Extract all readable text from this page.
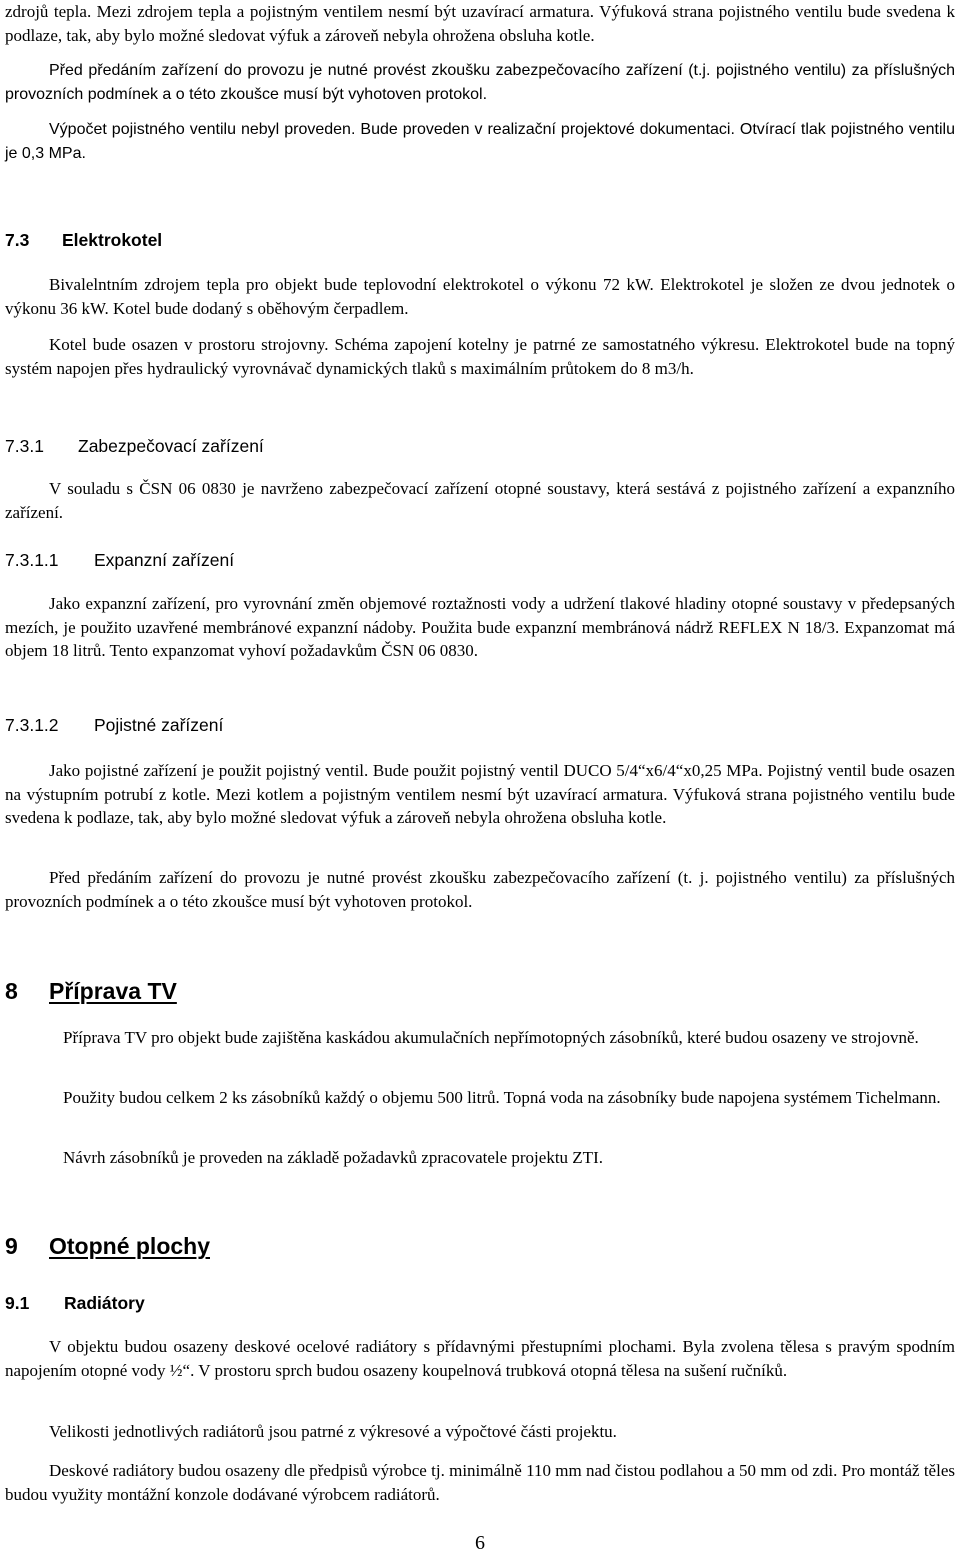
zdrojů tepla. Mezi zdrojem tepla a pojistným ventilem nesmí být uzavírací armatura. Výfuková strana pojistného ventilu bude svedena k podlaze, tak, aby bylo možné sledovat výfuk a zároveň nebyla ohrožena obsluha kotle.

Před předáním zařízení do provozu je nutné provést zkoušku zabezpečovacího zařízení (t.j. pojistného ventilu) za příslušných provozních podmínek a o této zkoušce musí být vyhotoven protokol.

Výpočet pojistného ventilu nebyl proveden. Bude proveden v realizační projektové dokumentaci. Otvírací tlak pojistného ventilu je 0,3 MPa.

7.3 Elektrokotel

Bivalelntním zdrojem tepla pro objekt bude teplovodní elektrokotel o výkonu 72 kW. Elektrokotel je složen ze dvou jednotek o výkonu 36 kW. Kotel bude dodaný s oběhovým čerpadlem.

Kotel bude osazen v prostoru strojovny. Schéma zapojení kotelny je patrné ze samostatného výkresu. Elektrokotel bude na topný systém napojen přes hydraulický vyrovnávač dynamických tlaků s maximálním průtokem do 8 m3/h.

7.3.1 Zabezpečovací zařízení

V souladu s ČSN 06 0830 je navrženo zabezpečovací zařízení otopné soustavy, která sestává z pojistného zařízení a expanzního zařízení.

7.3.1.1 Expanzní zařízení

Jako expanzní zařízení, pro vyrovnání změn objemové roztažnosti vody a udržení tlakové hladiny otopné soustavy v předepsaných mezích, je použito uzavřené membránové expanzní nádoby. Použita bude expanzní membránová nádrž REFLEX N 18/3. Expanzomat má objem 18 litrů. Tento expanzomat vyhoví požadavkům ČSN 06 0830.

7.3.1.2 Pojistné zařízení

Jako pojistné zařízení je použit pojistný ventil. Bude použit pojistný ventil DUCO 5/4“x6/4“x0,25 MPa. Pojistný ventil bude osazen na výstupním potrubí z kotle. Mezi kotlem a pojistným ventilem nesmí být uzavírací armatura. Výfuková strana pojistného ventilu bude svedena k podlaze, tak, aby bylo možné sledovat výfuk a zároveň nebyla ohrožena obsluha kotle.

Před předáním zařízení do provozu je nutné provést zkoušku zabezpečovacího zařízení (t. j. pojistného ventilu) za příslušných provozních podmínek a o této zkoušce musí být vyhotoven protokol.

8 Příprava TV

Příprava TV pro objekt bude zajištěna kaskádou akumulačních nepřímotopných zásobníků, které budou osazeny ve strojovně.

Použity budou celkem 2 ks zásobníků každý o objemu 500 litrů. Topná voda na zásobníky bude napojena systémem Tichelmann.

Návrh zásobníků je proveden na základě požadavků zpracovatele projektu ZTI.

9 Otopné plochy
9.1 Radiátory

V objektu budou osazeny deskové ocelové radiátory s přídavnými přestupními plochami. Byla zvolena tělesa s pravým spodním napojením otopné vody ½“. V prostoru sprch budou osazeny koupelnová trubková otopná tělesa na sušení ručníků.

Velikosti jednotlivých radiátorů jsou patrné z výkresové a výpočtové části projektu.

Deskové radiátory budou osazeny dle předpisů výrobce tj. minimálně 110 mm nad čistou podlahou a 50 mm od zdi. Pro montáž těles budou využity montážní konzole dodávané výrobcem radiátorů.

6
